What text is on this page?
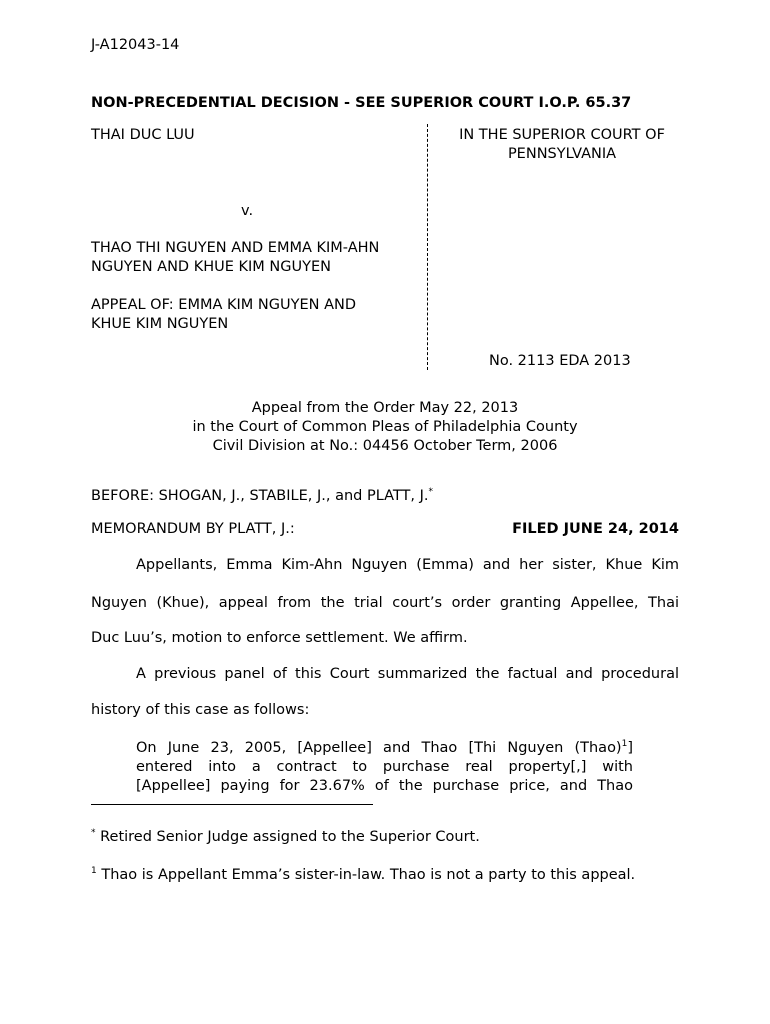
J-A12043-14
NON-PRECEDENTIAL DECISION - SEE SUPERIOR COURT I.O.P. 65.37
THAI DUC LUU	IN THE SUPERIOR COURT OF
PENNSYLVANIA
v.
THAO THI NGUYEN AND EMMA KIM-AHN
NGUYEN AND KHUE KIM NGUYEN
APPEAL OF: EMMA KIM NGUYEN AND
KHUE KIM NGUYEN
No. 2113 EDA 2013
Appeal from the Order May 22, 2013
in the Court of Common Pleas of Philadelphia County
Civil Division at No.: 04456 October Term, 2006
BEFORE: SHOGAN, J., STABILE, J., and PLATT, J.*
MEMORANDUM BY PLATT, J.:	FILED JUNE 24, 2014
Appellants, Emma Kim-Ahn Nguyen (Emma) and her sister, Khue Kim
Nguyen (Khue), appeal from the trial court’s order granting Appellee, Thai
Duc Luu’s, motion to enforce settlement. We affirm.
A previous panel of this Court summarized the factual and procedural
history of this case as follows:
On June 23, 2005, [Appellee] and Thao [Thi Nguyen (Thao)$^1$]
entered into a contract to purchase real property[,] with
[Appellee] paying for 23.67% of the purchase price, and Thao
* Retired Senior Judge assigned to the Superior Court.
$^1$ Thao is Appellant Emma’s sister-in-law. Thao is not a party to this appeal.
